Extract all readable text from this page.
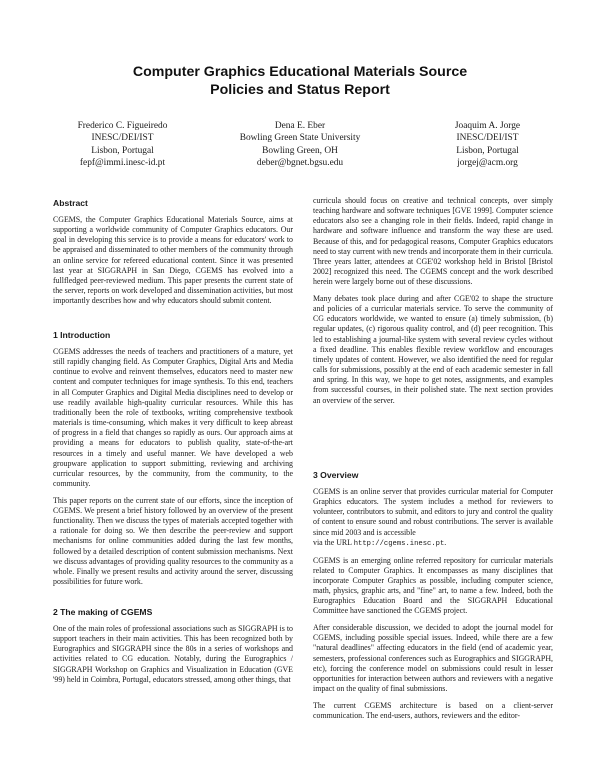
Computer Graphics Educational Materials Source
Policies and Status Report
Frederico C. Figueiredo
INESC/DEI/IST
Lisbon, Portugal
fepf@immi.inesc-id.pt
Dena E. Eber
Bowling Green State University
Bowling Green, OH
deber@bgnet.bgsu.edu
Joaquim A. Jorge
INESC/DEI/IST
Lisbon, Portugal
jorgej@acm.org
Abstract

CGEMS, the Computer Graphics Educational Materials Source, aims at supporting a worldwide community of Computer Graphics educators. Our goal in developing this service is to provide a means for educators' work to be appraised and disseminated to other members of the community through an online service for refereed educational content. Since it was presented last year at SIGGRAPH in San Diego, CGEMS has evolved into a fullfledged peer-reviewed medium. This paper presents the current state of the server, reports on work developed and dissemination activities, but most importantly describes how and why educators should submit content.

1 Introduction

CGEMS addresses the needs of teachers and practitioners of a mature, yet still rapidly changing field. As Computer Graphics, Digital Arts and Media continue to evolve and reinvent themselves, educators need to master new content and computer techniques for image synthesis. To this end, teachers in all Computer Graphics and Digital Media disciplines need to develop or use readily available high-quality curricular resources. While this has traditionally been the role of textbooks, writing comprehensive textbook materials is time-consuming, which makes it very difficult to keep abreast of progress in a field that changes so rapidly as ours. Our approach aims at providing a means for educators to publish quality, state-of-the-art resources in a timely and useful manner. We have developed a web groupware application to support submitting, reviewing and archiving curricular resources, by the community, from the community, to the community.

This paper reports on the current state of our efforts, since the inception of CGEMS. We present a brief history followed by an overview of the present functionality. Then we discuss the types of materials accepted together with a rationale for doing so. We then describe the peer-review and support mechanisms for online communities added during the last few months, followed by a detailed description of content submission mechanisms. Next we discuss advantages of providing quality resources to the community as a whole. Finally we present results and activity around the server, discussing possibilities for future work.

2 The making of CGEMS

One of the main roles of professional associations such as SIGGRAPH is to support teachers in their main activities. This has been recognized both by Eurographics and SIGGRAPH since the 80s in a series of workshops and activities related to CG education. Notably, during the Eurographics / SIGGRAPH Workshop on Graphics and Visualization in Education (GVE '99) held in Coimbra, Portugal, educators stressed, among other things, that

curricula should focus on creative and technical concepts, over simply teaching hardware and software techniques [GVE 1999]. Computer science educators also see a changing role in their fields. Indeed, rapid change in hardware and software influence and transform the way these are used. Because of this, and for pedagogical reasons, Computer Graphics educators need to stay current with new trends and incorporate them in their curricula. Three years latter, attendees at CGE'02 workshop held in Bristol [Bristol 2002] recognized this need. The CGEMS concept and the work described herein were largely borne out of these discussions.

Many debates took place during and after CGE'02 to shape the structure and policies of a curricular materials service. To serve the community of CG educators worldwide, we wanted to ensure (a) timely submission, (b) regular updates, (c) rigorous quality control, and (d) peer recognition. This led to establishing a journal-like system with several review cycles without a fixed deadline. This enables flexible review workflow and encourages timely updates of content. However, we also identified the need for regular calls for submissions, possibly at the end of each academic semester in fall and spring. In this way, we hope to get notes, assignments, and examples from successful courses, in their polished state. The next section provides an overview of the server.

3 Overview

CGEMS is an online server that provides curricular material for Computer Graphics educators. The system includes a method for reviewers to volunteer, contributors to submit, and editors to jury and control the quality of content to ensure sound and robust contributions. The server is available since mid 2003 and is accessible
via the URL http://cgems.inesc.pt.

CGEMS is an emerging online referred repository for curricular materials related to Computer Graphics. It encompasses as many disciplines that incorporate Computer Graphics as possible, including computer science, math, physics, graphic arts, and "fine" art, to name a few. Indeed, both the Eurographics Education Board and the SIGGRAPH Educational Committee have sanctioned the CGEMS project.

After considerable discussion, we decided to adopt the journal model for CGEMS, including possible special issues. Indeed, while there are a few "natural deadlines" affecting educators in the field (end of academic year, semesters, professional conferences such as Eurographics and SIGGRAPH, etc), forcing the conference model on submissions could result in lesser opportunities for interaction between authors and reviewers with a negative impact on the quality of final submissions.

The current CGEMS architecture is based on a client-server communication. The end-users, authors, reviewers and the editor-
